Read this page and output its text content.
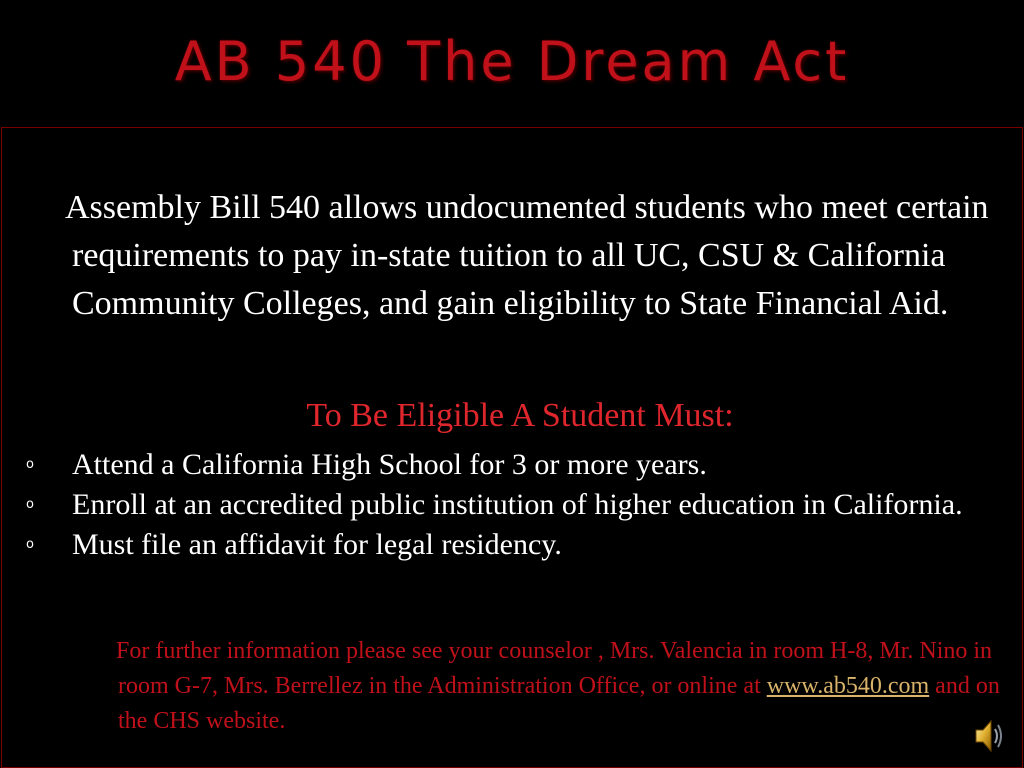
AB 540 The Dream Act
Assembly Bill 540 allows undocumented students who meet certain requirements to pay in-state tuition to all UC, CSU & California Community Colleges, and gain eligibility to State Financial Aid.
To Be Eligible A Student Must:
o Attend a California High School for 3 or more years.
o Enroll at an accredited public institution of higher education in California.
o Must file an affidavit for legal residency.
For further information please see your counselor , Mrs. Valencia in room H-8, Mr. Nino in room G-7, Mrs. Berrellez in the Administration Office, or online at www.ab540.com and on the CHS website.
